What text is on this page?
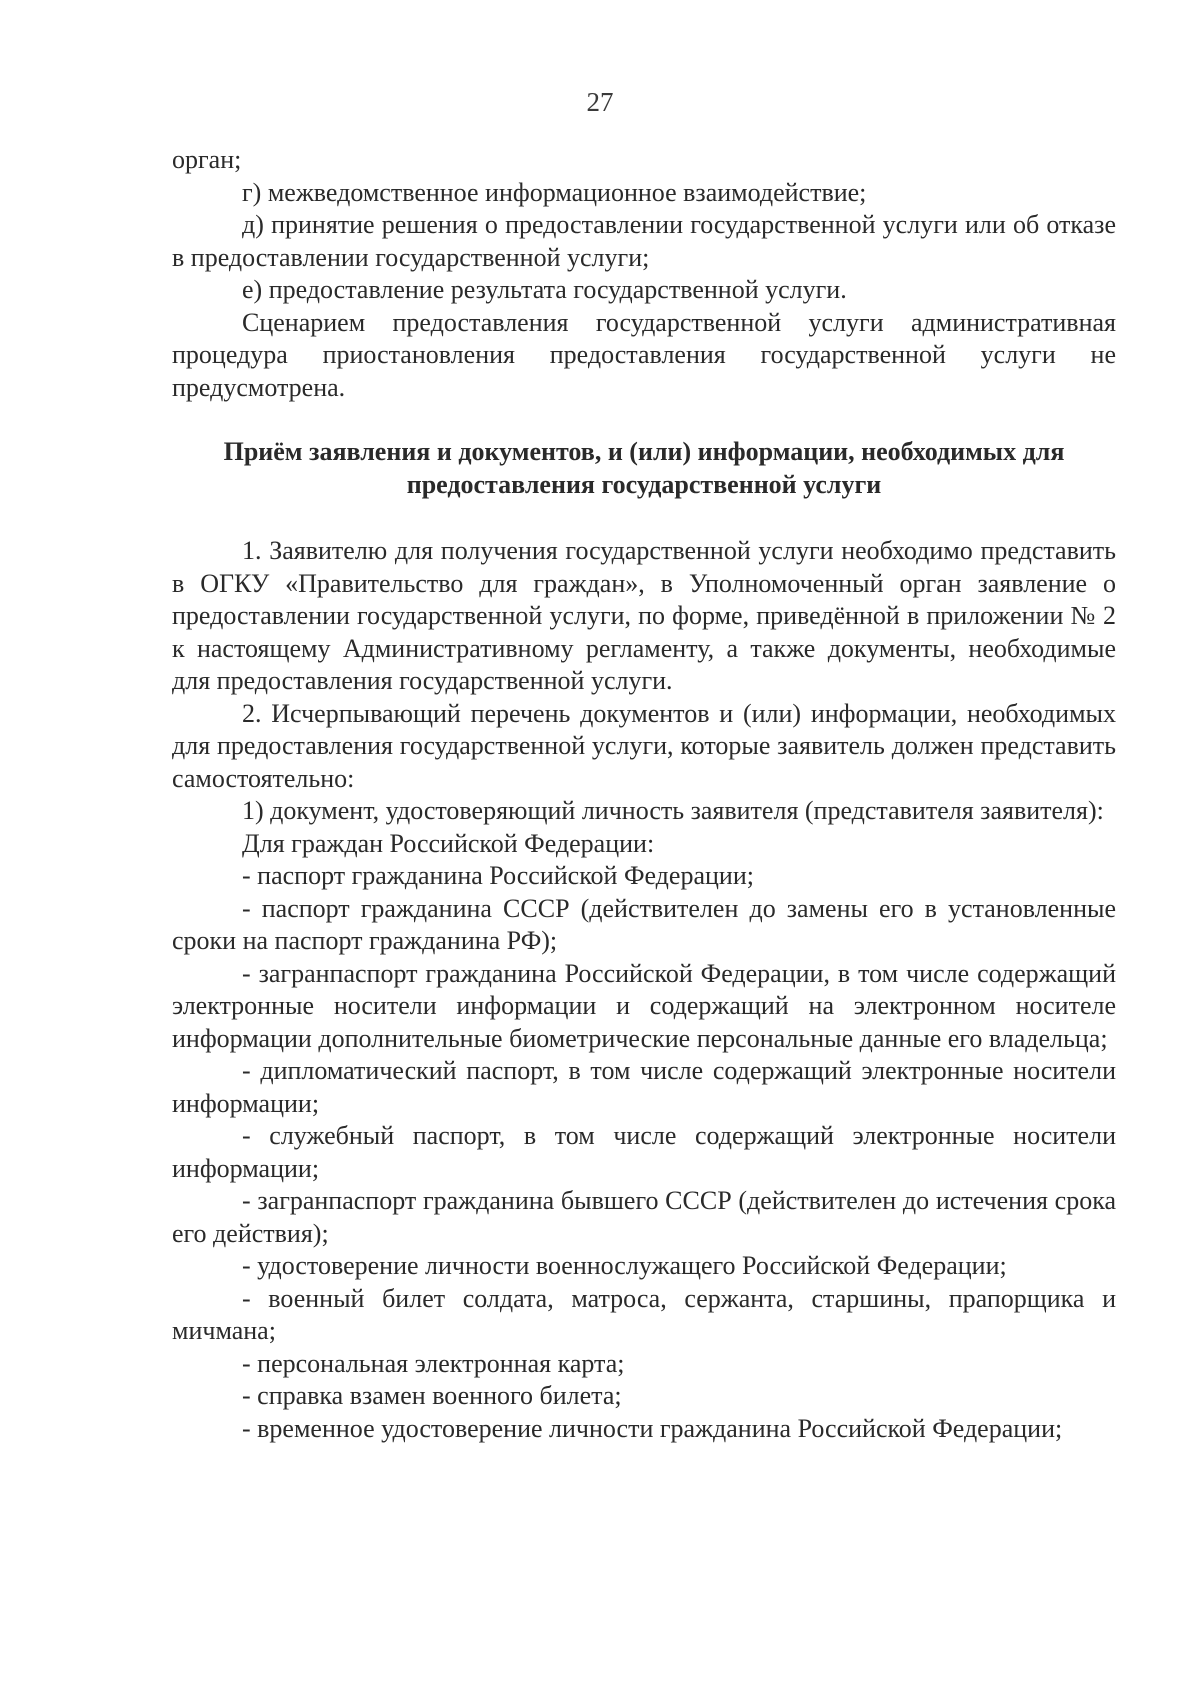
27

орган;

г) межведомственное информационное взаимодействие;

д) принятие решения о предоставлении государственной услуги или об отказе в предоставлении государственной услуги;

е) предоставление результата государственной услуги.

Сценарием предоставления государственной услуги административная процедура приостановления предоставления государственной услуги не предусмотрена.

Приём заявления и документов, и (или) информации, необходимых для предоставления государственной услуги

1. Заявителю для получения государственной услуги необходимо представить в ОГКУ «Правительство для граждан», в Уполномоченный орган заявление о предоставлении государственной услуги, по форме, приведённой в приложении № 2 к настоящему Административному регламенту, а также документы, необходимые для предоставления государственной услуги.

2. Исчерпывающий перечень документов и (или) информации, необходимых для предоставления государственной услуги, которые заявитель должен представить самостоятельно:

1) документ, удостоверяющий личность заявителя (представителя заявителя):

Для граждан Российской Федерации:

- паспорт гражданина Российской Федерации;

- паспорт гражданина СССР (действителен до замены его в установленные сроки на паспорт гражданина РФ);

- загранпаспорт гражданина Российской Федерации, в том числе содержащий электронные носители информации и содержащий на электронном носителе информации дополнительные биометрические персональные данные его владельца;

- дипломатический паспорт, в том числе содержащий электронные носители информации;

- служебный паспорт, в том числе содержащий электронные носители информации;

- загранпаспорт гражданина бывшего СССР (действителен до истечения срока его действия);

- удостоверение личности военнослужащего Российской Федерации;

- военный билет солдата, матроса, сержанта, старшины, прапорщика и мичмана;

- персональная электронная карта;

- справка взамен военного билета;

- временное удостоверение личности гражданина Российской Федерации;
